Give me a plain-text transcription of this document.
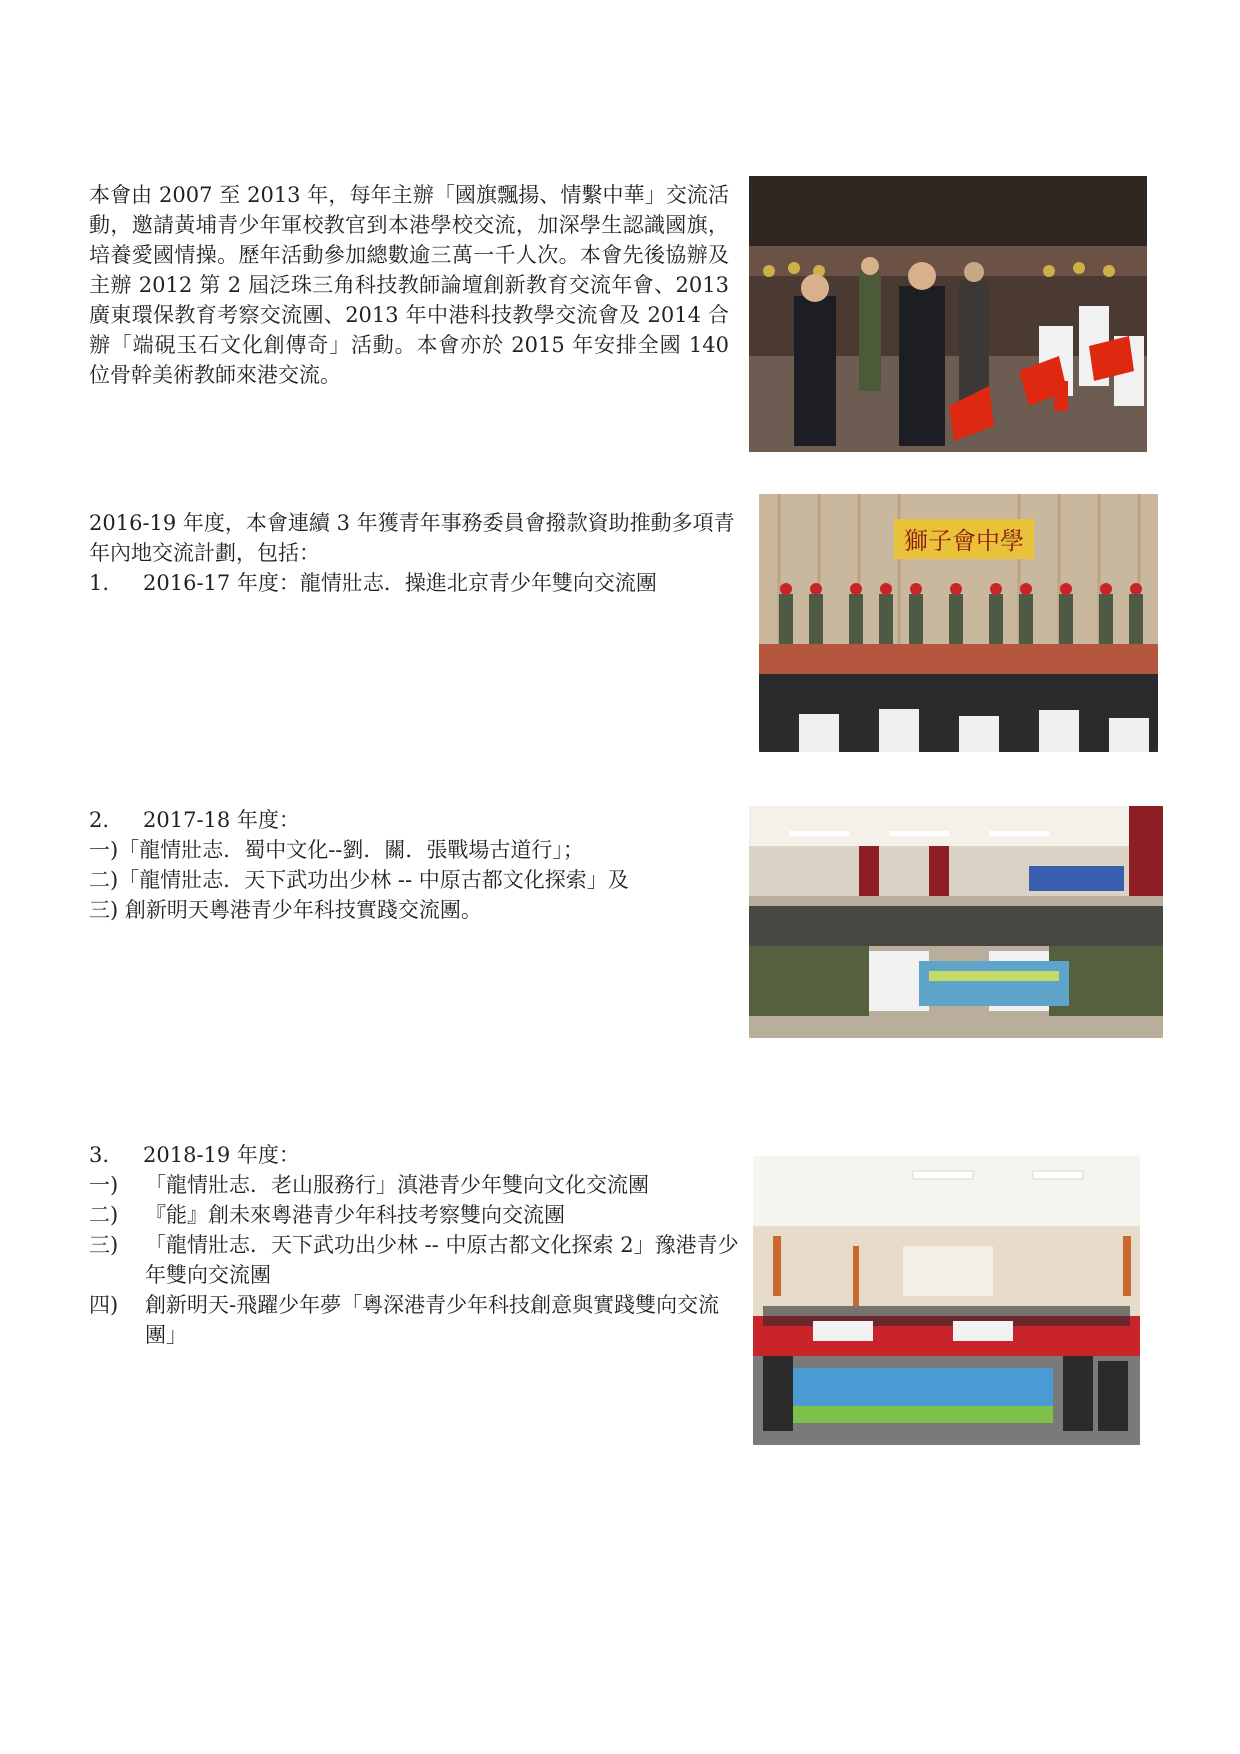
本會由 2007 至 2013 年，每年主辦「國旗飄揚、情繫中華」交流活動，邀請黃埔青少年軍校教官到本港學校交流，加深學生認識國旗，培養愛國情操。歷年活動參加總數逾三萬一千人次。本會先後協辦及主辦 2012 第 2 屆泛珠三角科技教師論壇創新教育交流年會、2013 廣東環保教育考察交流團、2013 年中港科技教學交流會及 2014 合辦「端硯玉石文化創傳奇」活動。本會亦於 2015 年安排全國 140 位骨幹美術教師來港交流。

2016-19 年度，本會連續 3 年獲青年事務委員會撥款資助推動多項青年內地交流計劃，包括：

1.	2016-17 年度：龍情壯志．操進北京青少年雙向交流團
獅子會中學
2.	2017-18 年度：

一)「龍情壯志．蜀中文化--劉．關．張戰場古道行」；

二)「龍情壯志．天下武功出少林 -- 中原古都文化探索」及

三) 創新明天粵港青少年科技實踐交流團。

3.	2018-19 年度：
一)	「龍情壯志．老山服務行」滇港青少年雙向文化交流團
二)	『能』創未來粵港青少年科技考察雙向交流團
三)	「龍情壯志．天下武功出少林 -- 中原古都文化探索 2」豫港青少年雙向交流團
四)	創新明天-飛躍少年夢「粵深港青少年科技創意與實踐雙向交流團」
